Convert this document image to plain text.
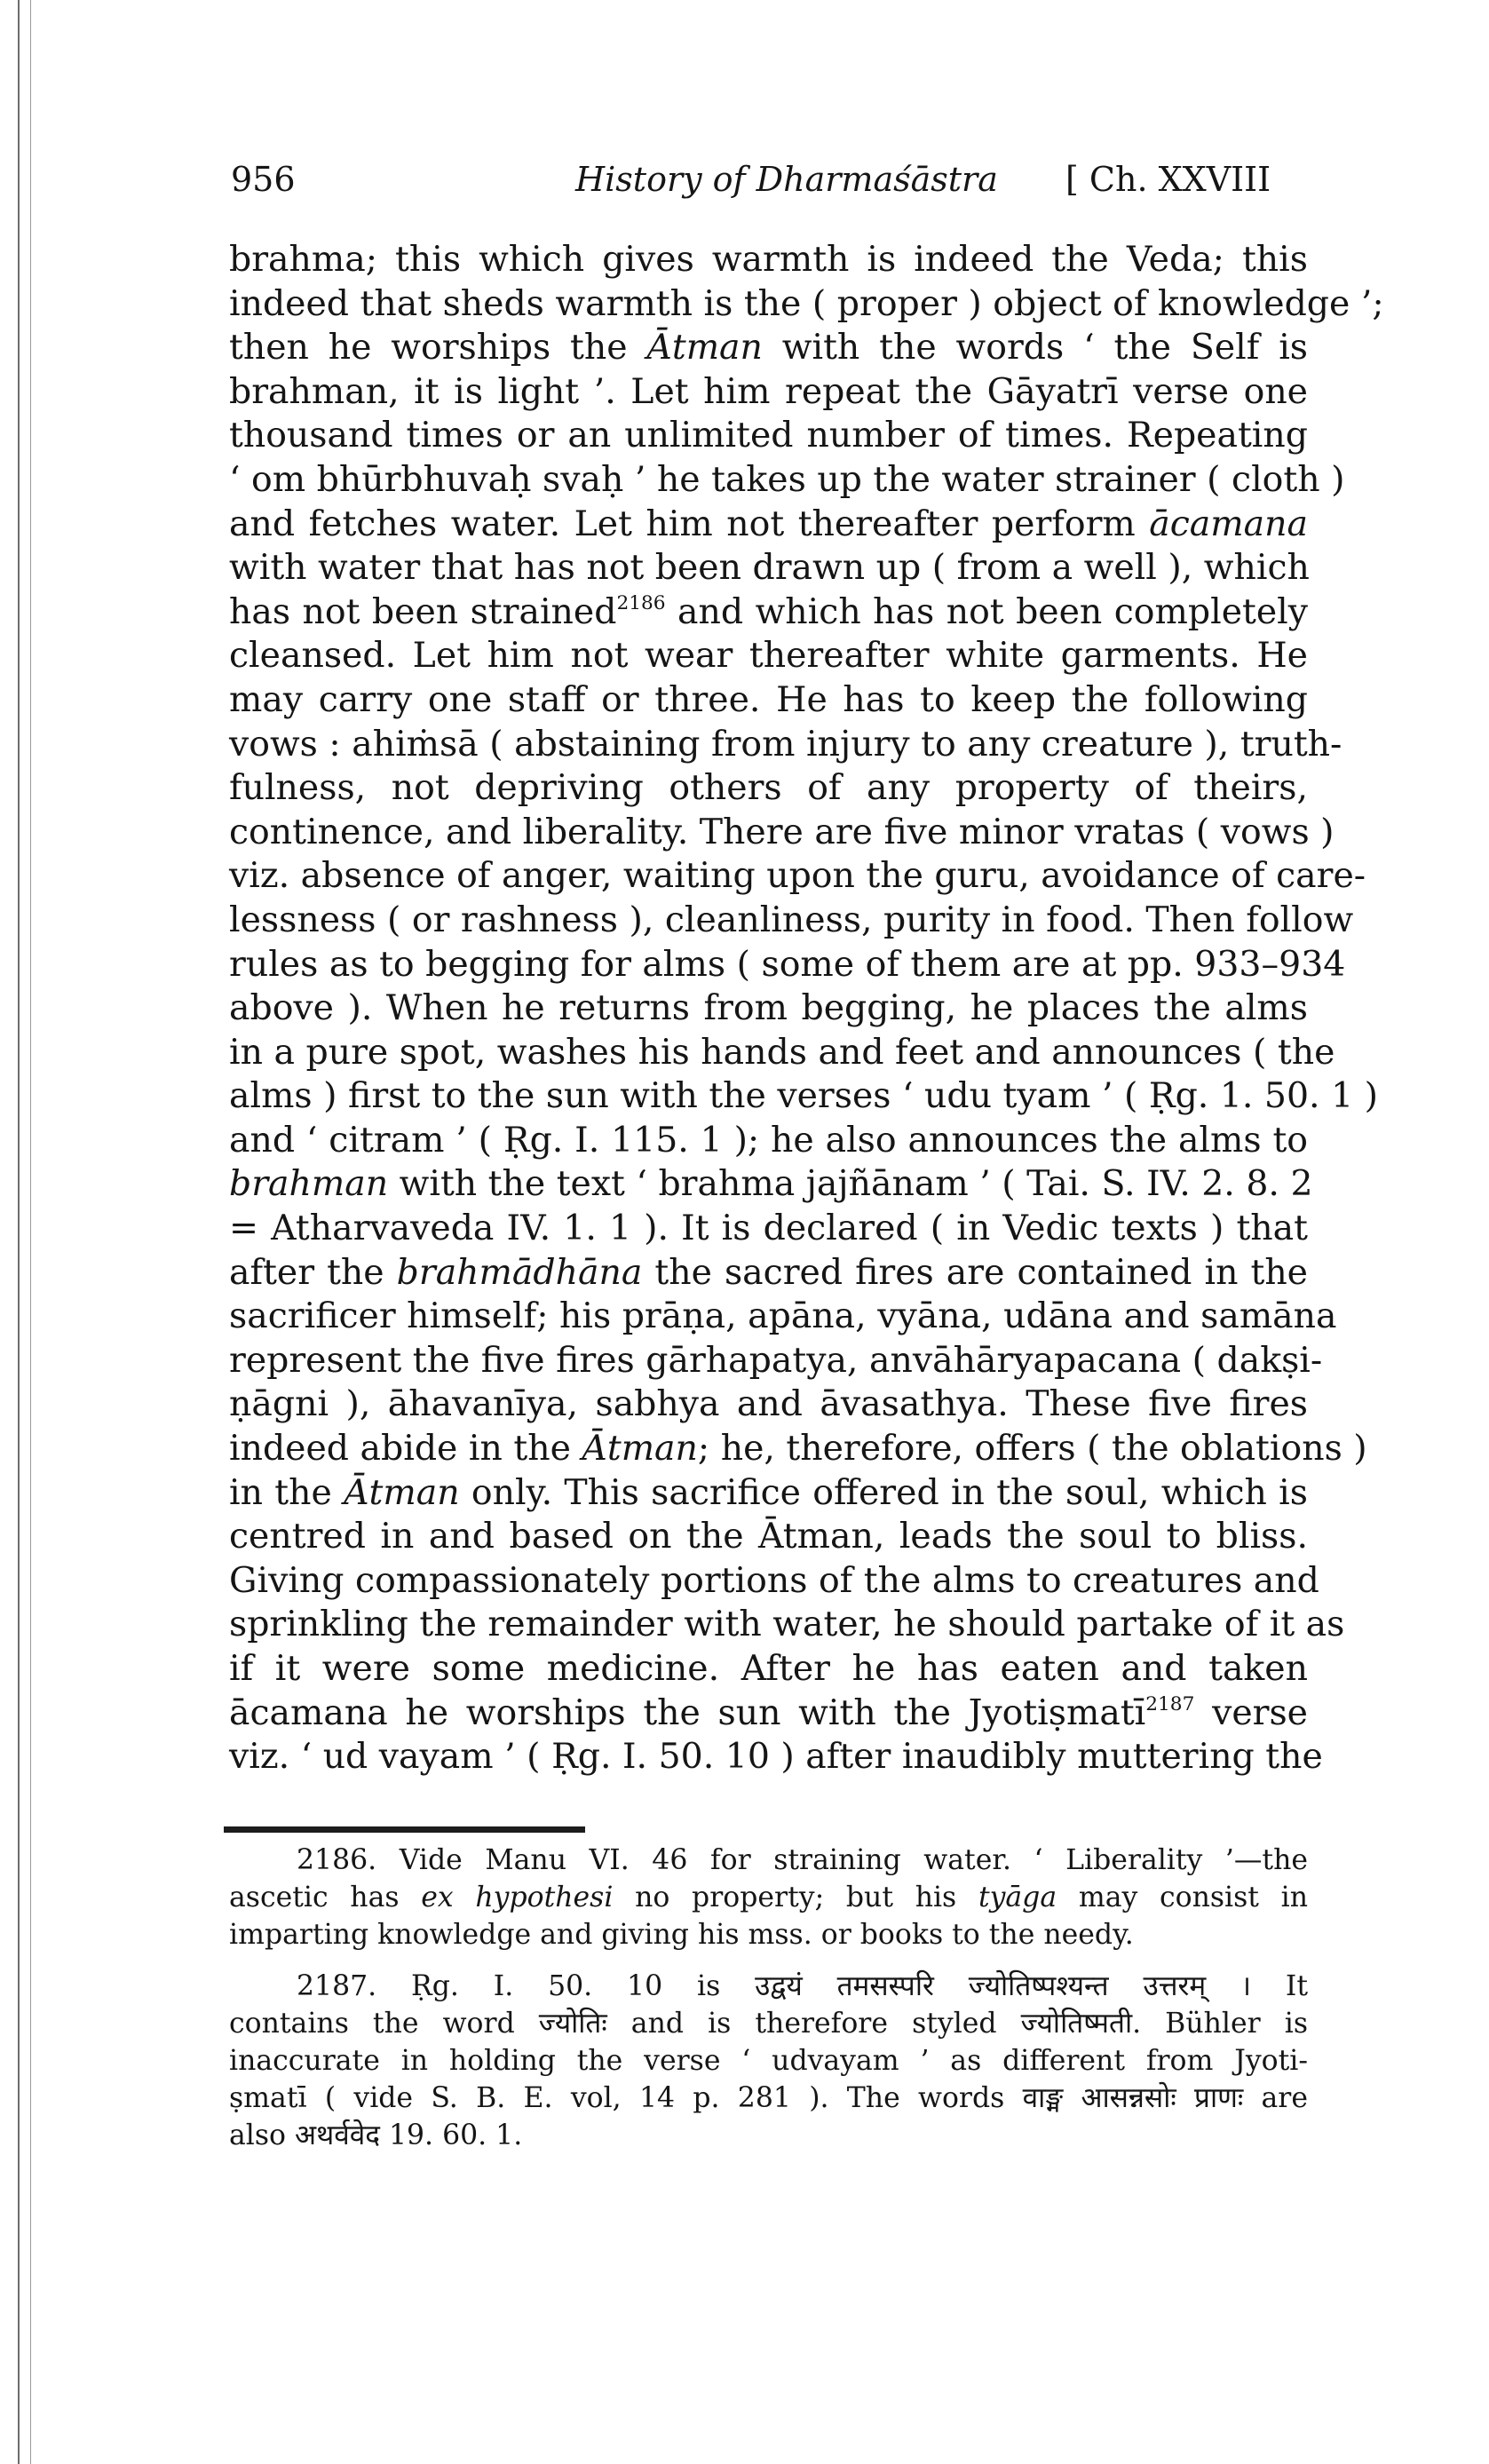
956	History of Dharmaśāstra [ Ch. XXVIII
brahma; this which gives warmth is indeed the Veda; this
indeed that sheds warmth is the ( proper ) object of knowledge ’;
then he worships the Ātman with the words ‘ the Self is
brahman, it is light ’. Let him repeat the Gāyatrī verse one
thousand times or an unlimited number of times. Repeating
‘ om bhūrbhuvaḥ svaḥ ’ he takes up the water strainer ( cloth )
and fetches water. Let him not thereafter perform ācamana
with water that has not been drawn up ( from a well ), which
has not been strained$^{2186}$ and which has not been completely
cleansed. Let him not wear thereafter white garments. He
may carry one staff or three. He has to keep the following
vows : ahiṁsā ( abstaining from injury to any creature ), truth-
fulness, not depriving others of any property of theirs,
continence, and liberality. There are five minor vratas ( vows )
viz. absence of anger, waiting upon the guru, avoidance of care-
lessness ( or rashness ), cleanliness, purity in food. Then follow
rules as to begging for alms ( some of them are at pp. 933–934
above ). When he returns from begging, he places the alms
in a pure spot, washes his hands and feet and announces ( the
alms ) first to the sun with the verses ‘ udu tyam ’ ( Ṛg. 1. 50. 1 )
and ‘ citram ’ ( Ṛg. I. 115. 1 ); he also announces the alms to
brahman with the text ‘ brahma jajñānam ’ ( Tai. S. IV. 2. 8. 2
= Atharvaveda IV. 1. 1 ). It is declared ( in Vedic texts ) that
after the brahmādhāna the sacred fires are contained in the
sacrificer himself; his prāṇa, apāna, vyāna, udāna and samāna
represent the five fires gārhapatya, anvāhāryapacana ( dakṣi-
ṇāgni ), āhavanīya, sabhya and āvasathya. These five fires
indeed abide in the Ātman; he, therefore, offers ( the oblations )
in the Ātman only. This sacrifice offered in the soul, which is
centred in and based on the Ātman, leads the soul to bliss.
Giving compassionately portions of the alms to creatures and
sprinkling the remainder with water, he should partake of it as
if it were some medicine. After he has eaten and taken
ācamana he worships the sun with the Jyotiṣmatī$^{2187}$ verse
viz. ‘ ud vayam ’ ( Ṛg. I. 50. 10 ) after inaudibly muttering the
2186. Vide Manu VI. 46 for straining water. ‘ Liberality ’—the
ascetic has ex hypothesi no property; but his tyāga may consist in
imparting knowledge and giving his mss. or books to the needy.
2187. Ṛg. I. 50. 10 is उद्वयं तमसस्परि ज्योतिष्पश्यन्त उत्तरम् । It
contains the word ज्योतिः and is therefore styled ज्योतिष्मती. Bühler is
inaccurate in holding the verse ‘ udvayam ’ as different from Jyoti-
ṣmatī ( vide S. B. E. vol, 14 p. 281 ). The words वाङ्म आसन्नसोः प्राणः are
also अथर्ववेद 19. 60. 1.
